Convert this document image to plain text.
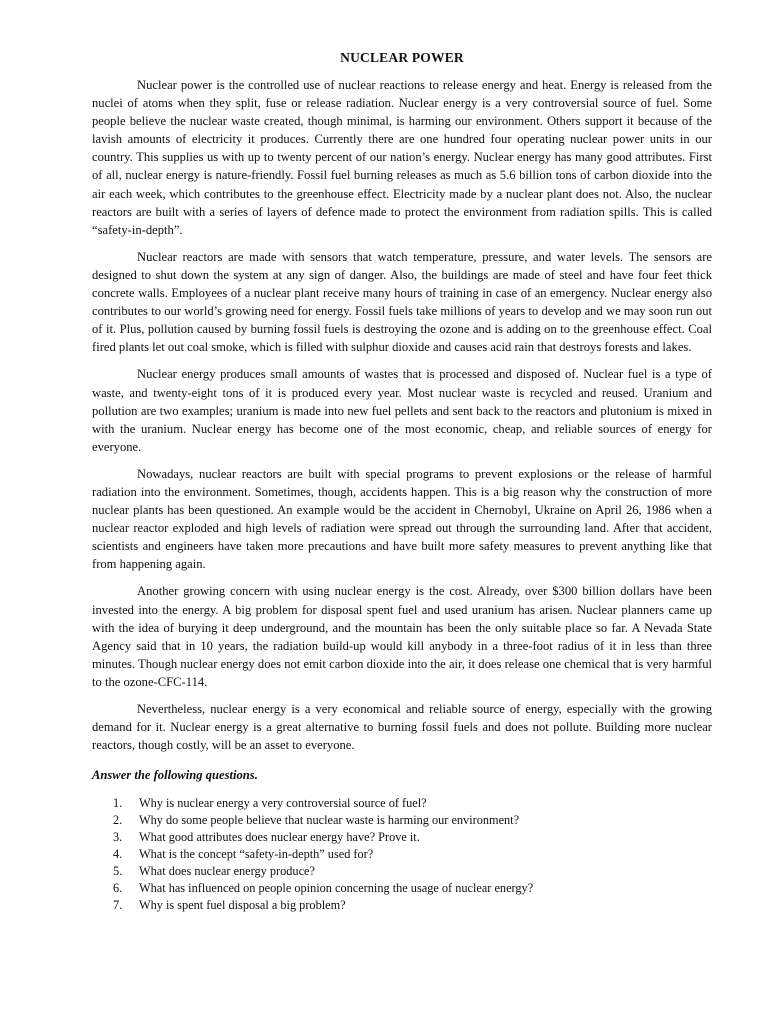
NUCLEAR POWER

Nuclear power is the controlled use of nuclear reactions to release energy and heat. Energy is released from the nuclei of atoms when they split, fuse or release radiation. Nuclear energy is a very controversial source of fuel. Some people believe the nuclear waste created, though minimal, is harming our environment. Others support it because of the lavish amounts of electricity it produces. Currently there are one hundred four operating nuclear power units in our country. This supplies us with up to twenty percent of our nation’s energy. Nuclear energy has many good attributes. First of all, nuclear energy is nature-friendly. Fossil fuel burning releases as much as 5.6 billion tons of carbon dioxide into the air each week, which contributes to the greenhouse effect. Electricity made by a nuclear plant does not. Also, the nuclear reactors are built with a series of layers of defence made to protect the environment from radiation spills. This is called “safety-in-depth”.

Nuclear reactors are made with sensors that watch temperature, pressure, and water levels. The sensors are designed to shut down the system at any sign of danger. Also, the buildings are made of steel and have four feet thick concrete walls. Employees of a nuclear plant receive many hours of training in case of an emergency. Nuclear energy also contributes to our world’s growing need for energy. Fossil fuels take millions of years to develop and we may soon run out of it. Plus, pollution caused by burning fossil fuels is destroying the ozone and is adding on to the greenhouse effect. Coal fired plants let out coal smoke, which is filled with sulphur dioxide and causes acid rain that destroys forests and lakes.

Nuclear energy produces small amounts of wastes that is processed and disposed of. Nuclear fuel is a type of waste, and twenty-eight tons of it is produced every year. Most nuclear waste is recycled and reused. Uranium and pollution are two examples; uranium is made into new fuel pellets and sent back to the reactors and plutonium is mixed in with the uranium. Nuclear energy has become one of the most economic, cheap, and reliable sources of energy for everyone.

Nowadays, nuclear reactors are built with special programs to prevent explosions or the release of harmful radiation into the environment. Sometimes, though, accidents happen. This is a big reason why the construction of more nuclear plants has been questioned. An example would be the accident in Chernobyl, Ukraine on April 26, 1986 when a nuclear reactor exploded and high levels of radiation were spread out through the surrounding land. After that accident, scientists and engineers have taken more precautions and have built more safety measures to prevent anything like that from happening again.

Another growing concern with using nuclear energy is the cost. Already, over $300 billion dollars have been invested into the energy. A big problem for disposal spent fuel and used uranium has arisen. Nuclear planners came up with the idea of burying it deep underground, and the mountain has been the only suitable place so far. A Nevada State Agency said that in 10 years, the radiation build-up would kill anybody in a three-foot radius of it in less than three minutes. Though nuclear energy does not emit carbon dioxide into the air, it does release one chemical that is very harmful to the ozone-CFC-114.

Nevertheless, nuclear energy is a very economical and reliable source of energy, especially with the growing demand for it. Nuclear energy is a great alternative to burning fossil fuels and does not pollute. Building more nuclear reactors, though costly, will be an asset to everyone.

Answer the following questions.
1.	Why is nuclear energy a very controversial source of fuel?
2.	Why do some people believe that nuclear waste is harming our environment?
3.	What good attributes does nuclear energy have? Prove it.
4.	What is the concept “safety-in-depth” used for?
5.	What does nuclear energy produce?
6.	What has influenced on people opinion concerning the usage of nuclear energy?
7.	Why is spent fuel disposal a big problem?
